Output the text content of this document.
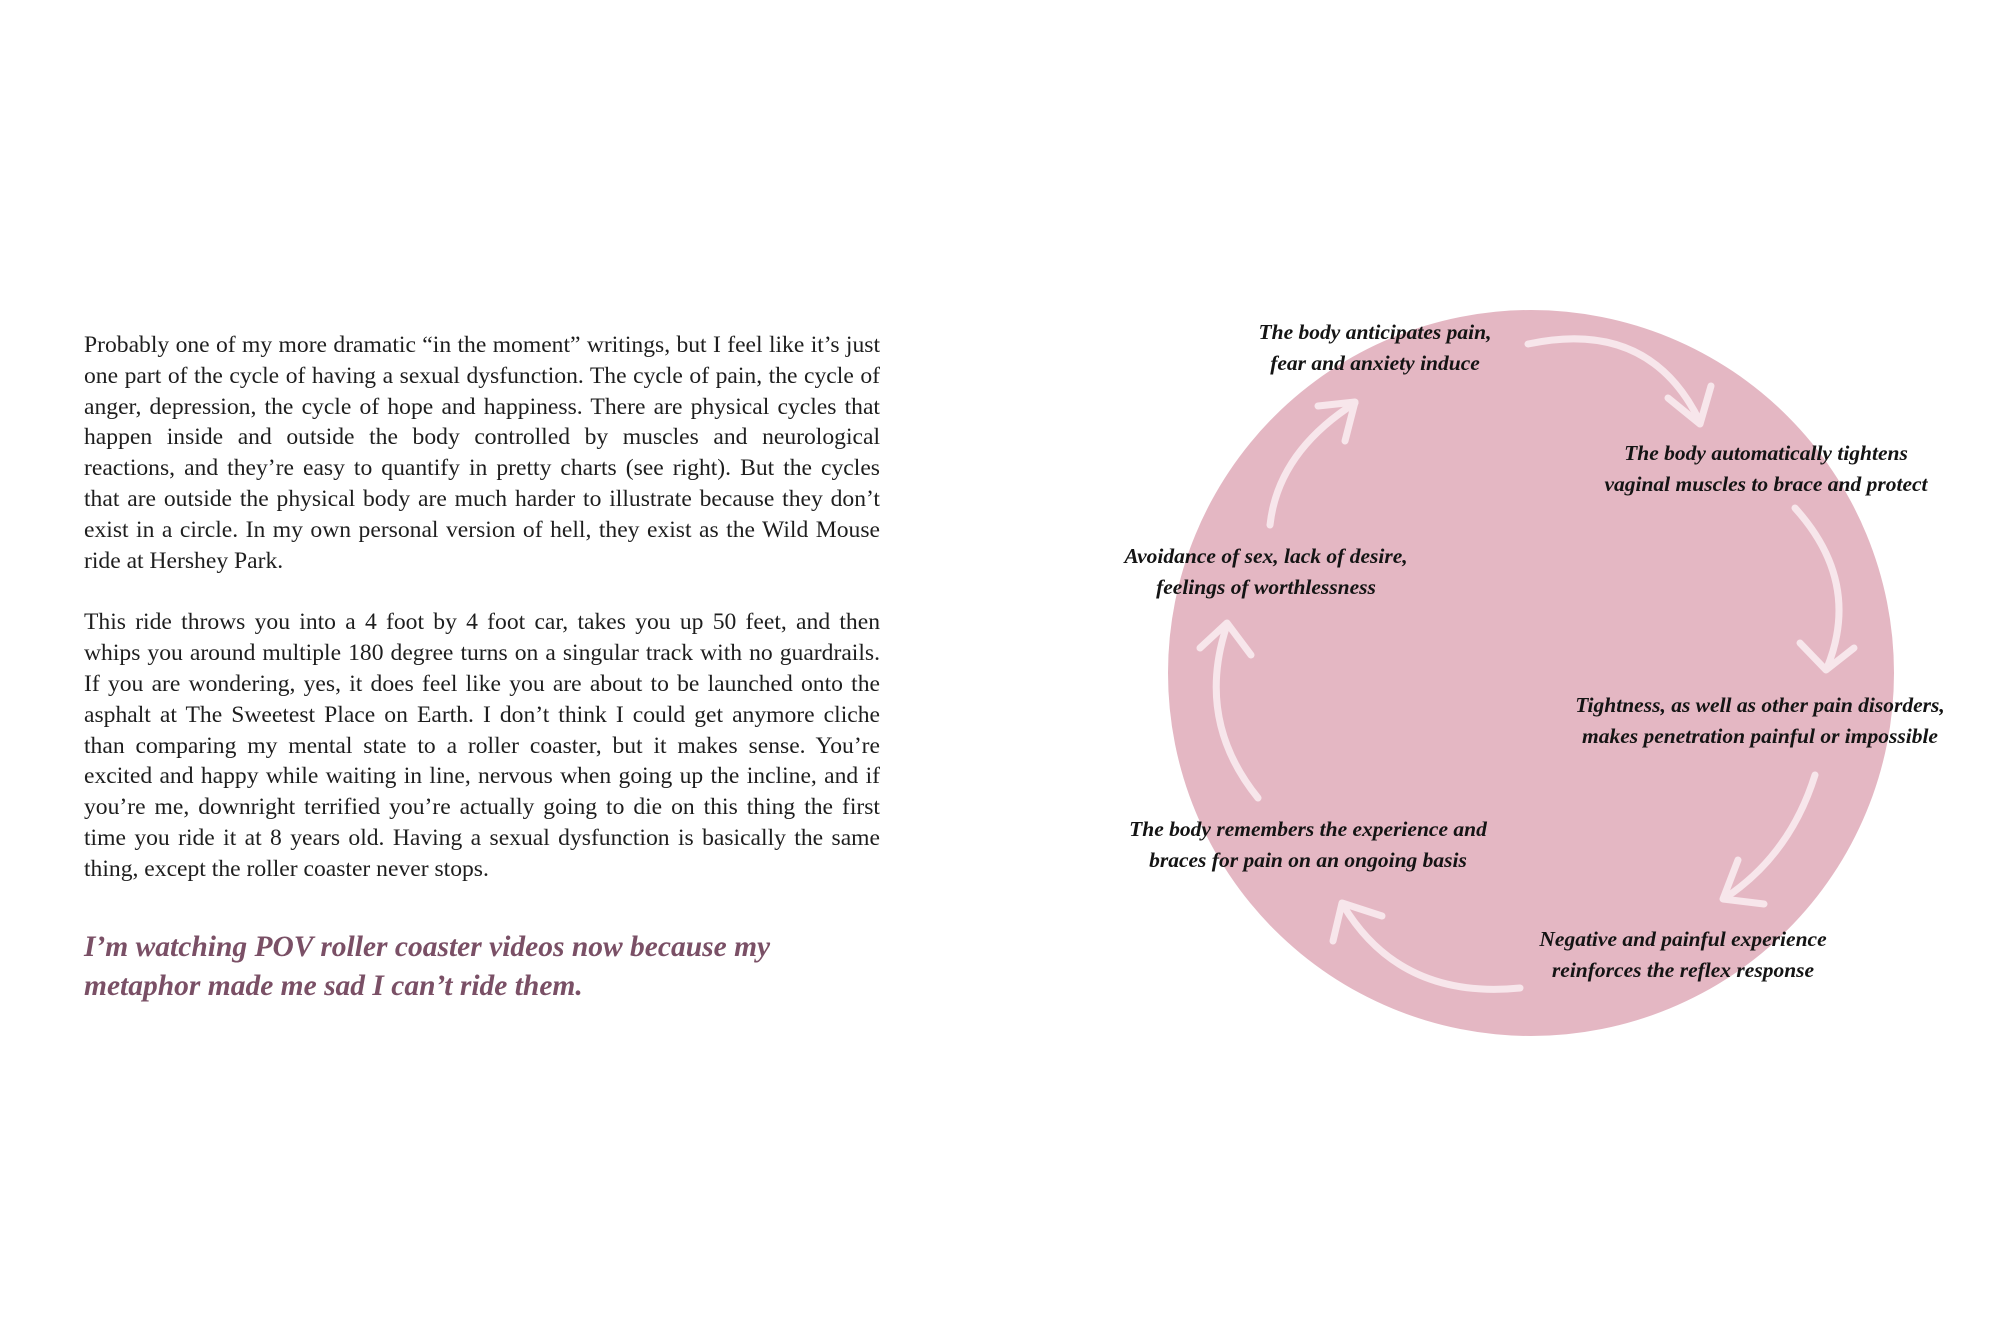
Probably one of my more dramatic “in the moment” writings, but I feel like it’s just one part of the cycle of having a sexual dysfunction. The cycle of pain, the cycle of anger, depression, the cycle of hope and happiness. There are physical cycles that happen inside and outside the body controlled by muscles and neurological reactions, and they’re easy to quantify in pretty charts (see right). But the cycles that are outside the physical body are much harder to illustrate because they don’t exist in a circle. In my own personal version of hell, they exist as the Wild Mouse ride at Hershey Park.

This ride throws you into a 4 foot by 4 foot car, takes you up 50 feet, and then whips you around multiple 180 degree turns on a singular track with no guardrails. If you are wondering, yes, it does feel like you are about to be launched onto the asphalt at The Sweetest Place on Earth. I don’t think I could get anymore cliche than comparing my mental state to a roller coaster, but it makes sense. You’re excited and happy while waiting in line, nervous when going up the incline, and if you’re me, downright terrified you’re actually going to die on this thing the first time you ride it at 8 years old. Having a sexual dysfunction is basically the same thing, except the roller coaster never stops.

I’m watching POV roller coaster videos now because my metaphor made me sad I can’t ride them.

The body anticipates pain,
fear and anxiety induce
The body automatically tightens
vaginal muscles to brace and protect
Tightness, as well as other pain disorders,
makes penetration painful or impossible
Negative and painful experience
reinforces the reflex response
The body remembers the experience and
braces for pain on an ongoing basis
Avoidance of sex, lack of desire,
feelings of worthlessness
